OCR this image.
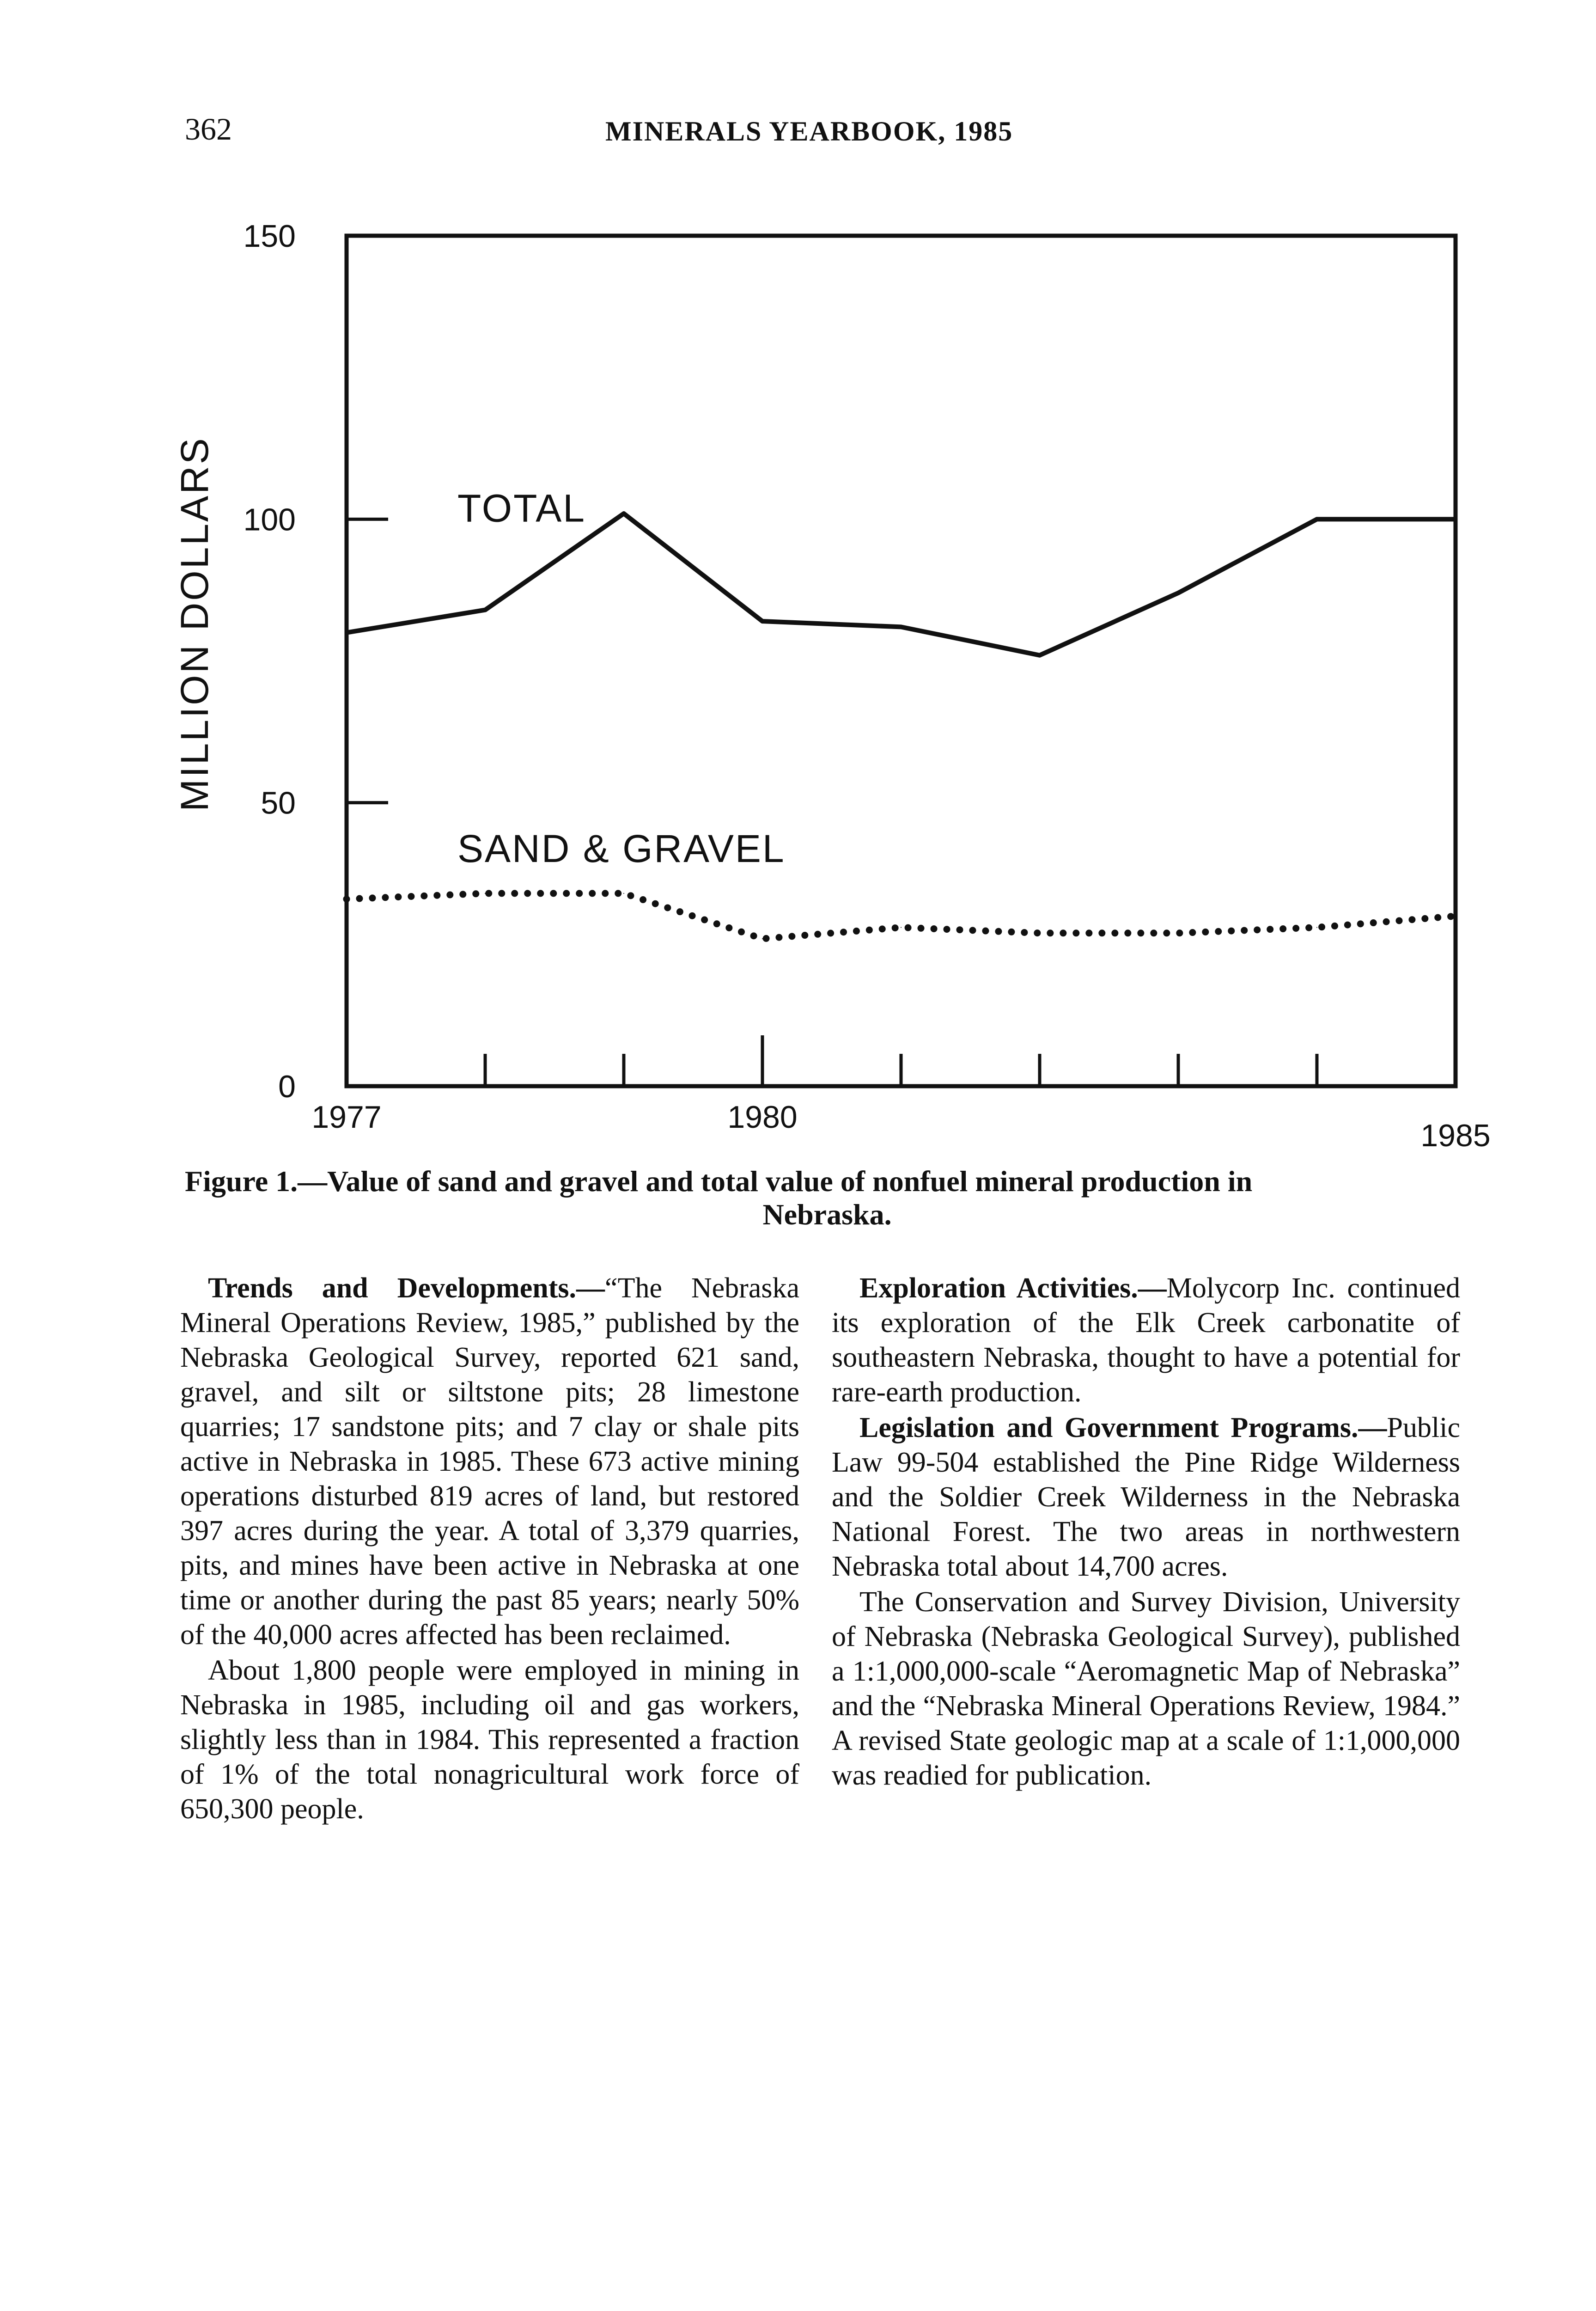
362	MINERALS YEARBOOK, 1985
0
50
100
150
1977	1980
1985
MILLION DOLLARS	TOTAL
SAND & GRAVEL
Figure 1.—Value of sand and gravel and total value of nonfuel mineral production in
Nebraska.

Trends and Developments.—“The Nebraska Mineral Operations Review, 1985,” published by the Nebraska Geological Survey, reported 621 sand, gravel, and silt or siltstone pits; 28 limestone quarries; 17 sandstone pits; and 7 clay or shale pits active in Nebraska in 1985. These 673 active mining operations disturbed 819 acres of land, but restored 397 acres during the year. A total of 3,379 quarries, pits, and mines have been active in Nebraska at one time or another during the past 85 years; nearly 50% of the 40,000 acres affected has been reclaimed.

About 1,800 people were employed in mining in Nebraska in 1985, including oil and gas workers, slightly less than in 1984. This represented a fraction of 1% of the total nonagricultural work force of 650,300 people.

Exploration Activities.—Molycorp Inc. continued its exploration of the Elk Creek carbonatite of southeastern Nebraska, thought to have a potential for rare-earth production.

Legislation and Government Programs.—Public Law 99-504 established the Pine Ridge Wilderness and the Soldier Creek Wilderness in the Nebraska National Forest. The two areas in northwestern Nebraska total about 14,700 acres.

The Conservation and Survey Division, University of Nebraska (Nebraska Geological Survey), published a 1:1,000,000-scale “Aeromagnetic Map of Nebraska” and the “Nebraska Mineral Operations Review, 1984.” A revised State geologic map at a scale of 1:1,000,000 was readied for publication.
